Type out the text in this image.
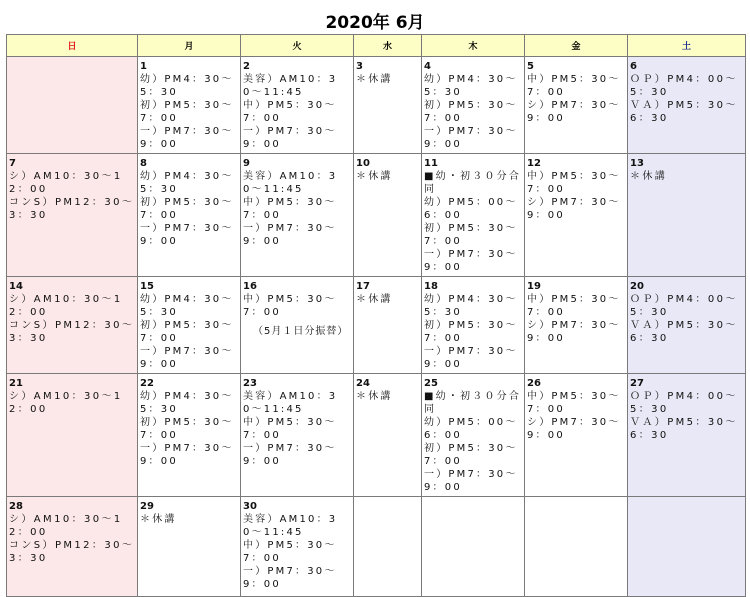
2020年 6月
日	月	火	水	木	金	土

	1
幼）PM4：30〜5：30
初）PM5：30〜7：00
一）PM7：30〜9：00	2
美容）AM10：30〜11:45
中）PM5：30〜7：00
一）PM7：30〜9：00	3
＊休講	4
幼）PM4：30〜5：30
初）PM5：30〜7：00
一）PM7：30〜9：00	5
中）PM5：30〜7：00
シ）PM7：30〜9：00	6
ＯＰ）PM4：00〜5：30
ＶＡ）PM5：30〜6：30

7
シ）AM10：30〜12：00
コンS）PM12：30〜3：30	8
幼）PM4：30〜5：30
初）PM5：30〜7：00
一）PM7：30〜9：00	9
美容）AM10：30〜11:45
中）PM5：30〜7：00
一）PM7：30〜9：00	10
＊休講	11
■幼・初３０分合同
幼）PM5：00〜6：00
初）PM5：30〜7：00
一）PM7：30〜9：00	12
中）PM5：30〜7：00
シ）PM7：30〜9：00	13
＊休講

14
シ）AM10：30〜12：00
コンS）PM12：30〜3：30	15
幼）PM4：30〜5：30
初）PM5：30〜7：00
一）PM7：30〜9：00	16
中）PM5：30〜7：00
（5月１日分振替）	17
＊休講	18
幼）PM4：30〜5：30
初）PM5：30〜7：00
一）PM7：30〜9：00	19
中）PM5：30〜7：00
シ）PM7：30〜9：00	20
ＯＰ）PM4：00〜5：30
ＶＡ）PM5：30〜6：30

21
シ）AM10：30〜12：00	22
幼）PM4：30〜5：30
初）PM5：30〜7：00
一）PM7：30〜9：00	23
美容）AM10：30〜11:45
中）PM5：30〜7：00
一）PM7：30〜9：00	24
＊休講	25
■幼・初３０分合同
幼）PM5：00〜6：00
初）PM5：30〜7：00
一）PM7：30〜9：00	26
中）PM5：30〜7：00
シ）PM7：30〜9：00	27
ＯＰ）PM4：00〜5：30
ＶＡ）PM5：30〜6：30

28
シ）AM10：30〜12：00
コンS）PM12：30〜3：30	29
＊休講	30
美容）AM10：30〜11:45
中）PM5：30〜7：00
一）PM7：30〜9：00				
